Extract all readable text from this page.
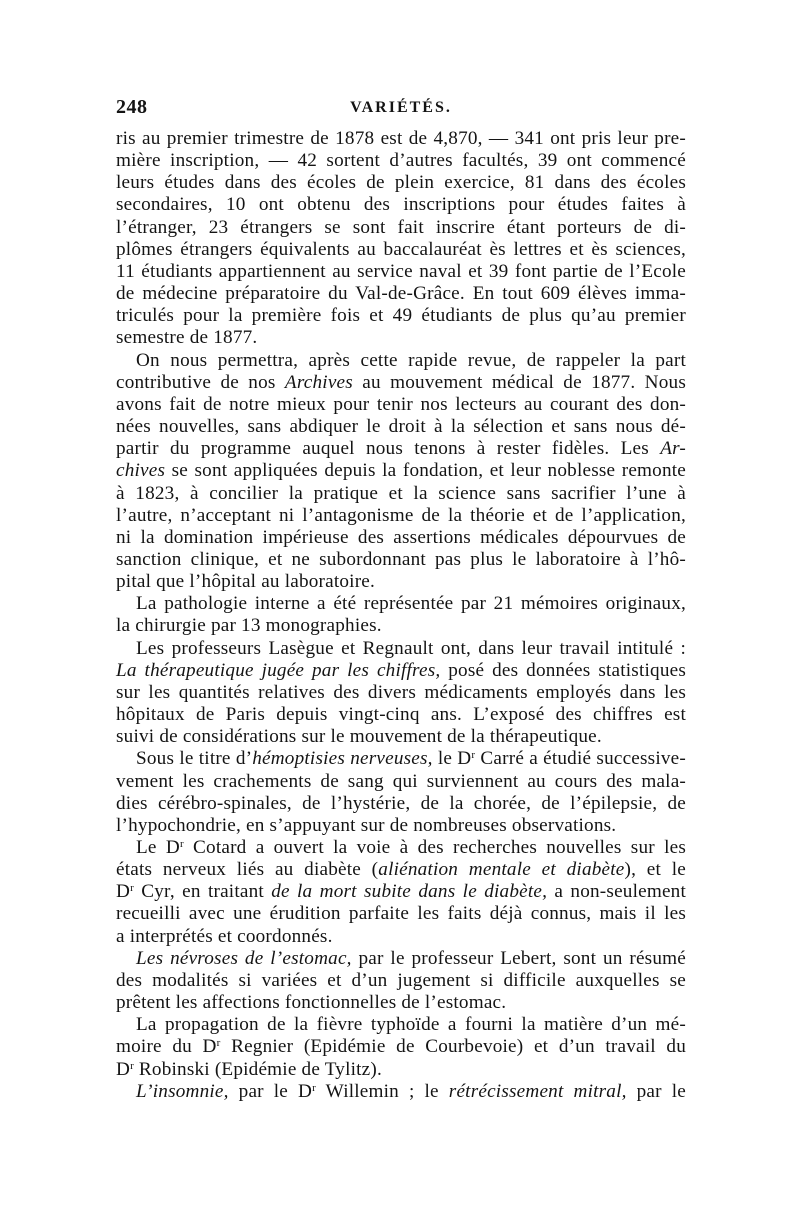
248	VARIÉTÉS.
ris au premier trimestre de 1878 est de 4,870, — 341 ont pris leur pre-
mière inscription, — 42 sortent d’autres facultés, 39 ont commencé
leurs études dans des écoles de plein exercice, 81 dans des écoles
secondaires, 10 ont obtenu des inscriptions pour études faites à
l’étranger, 23 étrangers se sont fait inscrire étant porteurs de di-
plômes étrangers équivalents au baccalauréat ès lettres et ès sciences,
11 étudiants appartiennent au service naval et 39 font partie de l’Ecole
de médecine préparatoire du Val-de-Grâce. En tout 609 élèves imma-
triculés pour la première fois et 49 étudiants de plus qu’au premier
semestre de 1877.
On nous permettra, après cette rapide revue, de rappeler la part
contributive de nos Archives au mouvement médical de 1877. Nous
avons fait de notre mieux pour tenir nos lecteurs au courant des don-
nées nouvelles, sans abdiquer le droit à la sélection et sans nous dé-
partir du programme auquel nous tenons à rester fidèles. Les Ar-
chives se sont appliquées depuis la fondation, et leur noblesse remonte
à 1823, à concilier la pratique et la science sans sacrifier l’une à
l’autre, n’acceptant ni l’antagonisme de la théorie et de l’application,
ni la domination impérieuse des assertions médicales dépourvues de
sanction clinique, et ne subordonnant pas plus le laboratoire à l’hô-
pital que l’hôpital au laboratoire.
La pathologie interne a été représentée par 21 mémoires originaux,
la chirurgie par 13 monographies.
Les professeurs Lasègue et Regnault ont, dans leur travail intitulé :
La thérapeutique jugée par les chiffres, posé des données statistiques
sur les quantités relatives des divers médicaments employés dans les
hôpitaux de Paris depuis vingt-cinq ans. L’exposé des chiffres est
suivi de considérations sur le mouvement de la thérapeutique.
Sous le titre d’hémoptisies nerveuses, le $D^r$ Carré a étudié successive-
vement les crachements de sang qui surviennent au cours des mala-
dies cérébro-spinales, de l’hystérie, de la chorée, de l’épilepsie, de
l’hypochondrie, en s’appuyant sur de nombreuses observations.
Le $D^r$ Cotard a ouvert la voie à des recherches nouvelles sur les
états nerveux liés au diabète (aliénation mentale et diabète), et le
$D^r$ Cyr, en traitant de la mort subite dans le diabète, a non-seulement
recueilli avec une érudition parfaite les faits déjà connus, mais il les
a interprétés et coordonnés.
Les névroses de l’estomac, par le professeur Lebert, sont un résumé
des modalités si variées et d’un jugement si difficile auxquelles se
prêtent les affections fonctionnelles de l’estomac.
La propagation de la fièvre typhoïde a fourni la matière d’un mé-
moire du $D^r$ Regnier (Epidémie de Courbevoie) et d’un travail du
$D^r$ Robinski (Epidémie de Tylitz).
L’insomnie, par le $D^r$ Willemin ; le rétrécissement mitral, par le
